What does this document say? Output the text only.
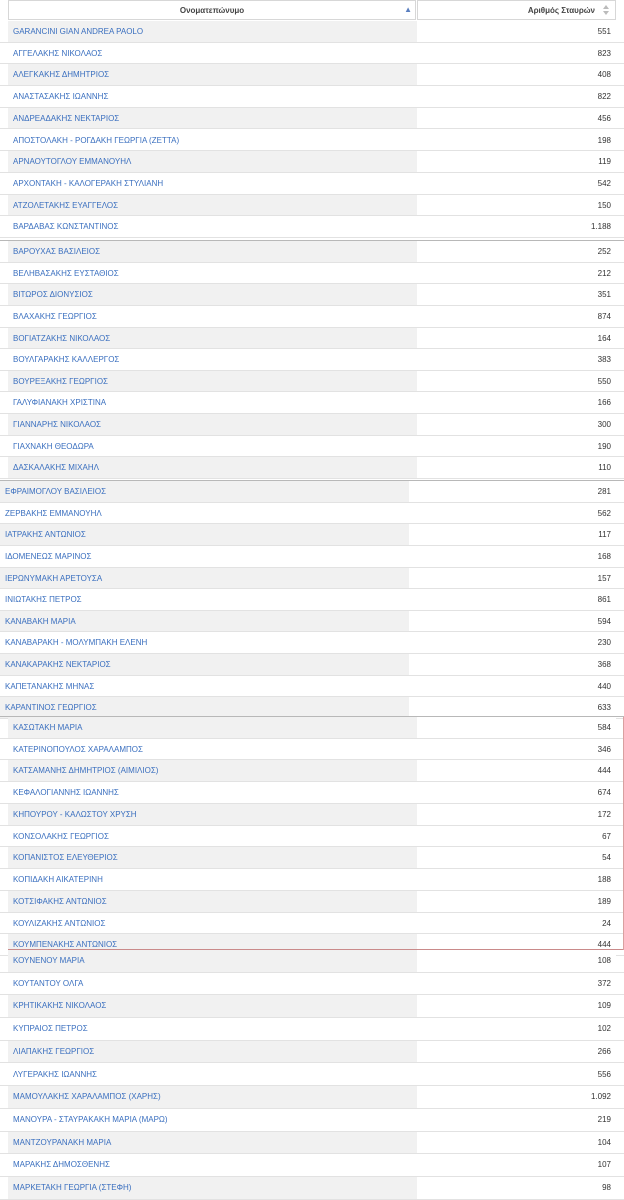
Ονοματεπώνυμο	▲	Αριθμός Σταυρών
GARANCINI GIAN ANDREA PAOLO	551
ΑΓΓΕΛΑΚΗΣ ΝΙΚΟΛΑΟΣ	823
ΑΛΕΓΚΑΚΗΣ ΔΗΜΗΤΡΙΟΣ	408
ΑΝΑΣΤΑΣΑΚΗΣ ΙΩΑΝΝΗΣ	822
ΑΝΔΡΕΑΔΑΚΗΣ ΝΕΚΤΑΡΙΟΣ	456
ΑΠΟΣΤΟΛΑΚΗ - ΡΟΓΔΑΚΗ ΓΕΩΡΓΙΑ (ΖΕΤΤΑ)	198
ΑΡΝΑΟΥΤΟΓΛΟΥ ΕΜΜΑΝΟΥΗΛ	119
ΑΡΧΟΝΤΑΚΗ - ΚΑΛΟΓΕΡΑΚΗ ΣΤΥΛΙΑΝΗ	542
ΑΤΖΟΛΕΤΑΚΗΣ ΕΥΑΓΓΕΛΟΣ	150
ΒΑΡΔΑΒΑΣ ΚΩΝΣΤΑΝΤΙΝΟΣ	1.188
ΒΑΡΟΥΧΑΣ ΒΑΣΙΛΕΙΟΣ	252
ΒΕΛΗΒΑΣΑΚΗΣ ΕΥΣΤΑΘΙΟΣ	212
ΒΙΤΩΡΟΣ ΔΙΟΝΥΣΙΟΣ	351
ΒΛΑΧΑΚΗΣ ΓΕΩΡΓΙΟΣ	874
ΒΟΓΙΑΤΖΑΚΗΣ ΝΙΚΟΛΑΟΣ	164
ΒΟΥΛΓΑΡΑΚΗΣ ΚΑΛΛΕΡΓΟΣ	383
ΒΟΥΡΕΞΑΚΗΣ ΓΕΩΡΓΙΟΣ	550
ΓΑΛΥΦΙΑΝΑΚΗ ΧΡΙΣΤΙΝΑ	166
ΓΙΑΝΝΑΡΗΣ ΝΙΚΟΛΑΟΣ	300
ΓΙΑΧΝΑΚΗ ΘΕΟΔΩΡΑ	190
ΔΑΣΚΑΛΑΚΗΣ ΜΙΧΑΗΛ	110
ΕΦΡΑΙΜΟΓΛΟΥ ΒΑΣΙΛΕΙΟΣ	281
ΖΕΡΒΑΚΗΣ ΕΜΜΑΝΟΥΗΛ	562
ΙΑΤΡΑΚΗΣ ΑΝΤΩΝΙΟΣ	117
ΙΔΟΜΕΝΕΩΣ ΜΑΡΙΝΟΣ	168
ΙΕΡΩΝΥΜΑΚΗ ΑΡΕΤΟΥΣΑ	157
ΙΝΙΩΤΑΚΗΣ ΠΕΤΡΟΣ	861
ΚΑΝΑΒΑΚΗ ΜΑΡΙΑ	594
ΚΑΝΑΒΑΡΑΚΗ - ΜΟΛΥΜΠΑΚΗ ΕΛΕΝΗ	230
ΚΑΝΑΚΑΡΑΚΗΣ ΝΕΚΤΑΡΙΟΣ	368
ΚΑΠΕΤΑΝΑΚΗΣ ΜΗΝΑΣ	440
ΚΑΡΑΝΤΙΝΟΣ ΓΕΩΡΓΙΟΣ	633
ΚΑΣΩΤΑΚΗ ΜΑΡΙΑ	584
ΚΑΤΕΡΙΝΟΠΟΥΛΟΣ ΧΑΡΑΛΑΜΠΟΣ	346
ΚΑΤΣΑΜΑΝΗΣ ΔΗΜΗΤΡΙΟΣ (ΑΙΜΙΛΙΟΣ)	444
ΚΕΦΑΛΟΓΙΑΝΝΗΣ ΙΩΑΝΝΗΣ	674
ΚΗΠΟΥΡΟΥ - ΚΑΛΩΣΤΟΥ ΧΡΥΣΗ	172
ΚΟΝΣΟΛΑΚΗΣ ΓΕΩΡΓΙΟΣ	67
ΚΟΠΑΝΙΣΤΟΣ ΕΛΕΥΘΕΡΙΟΣ	54
ΚΟΠΙΔΑΚΗ ΑΙΚΑΤΕΡΙΝΗ	188
ΚΟΤΣΙΦΑΚΗΣ ΑΝΤΩΝΙΟΣ	189
ΚΟΥΛΙΖΑΚΗΣ ΑΝΤΩΝΙΟΣ	24
ΚΟΥΜΠΕΝΑΚΗΣ ΑΝΤΩΝΙΟΣ	444
ΚΟΥΝΕΝΟΥ ΜΑΡΙΑ	108
ΚΟΥΤΑΝΤΟΥ ΟΛΓΑ	372
ΚΡΗΤΙΚΑΚΗΣ ΝΙΚΟΛΑΟΣ	109
ΚΥΠΡΑΙΟΣ ΠΕΤΡΟΣ	102
ΛΙΑΠΑΚΗΣ ΓΕΩΡΓΙΟΣ	266
ΛΥΓΕΡΑΚΗΣ ΙΩΑΝΝΗΣ	556
ΜΑΜΟΥΛΑΚΗΣ ΧΑΡΑΛΑΜΠΟΣ (ΧΑΡΗΣ)	1.092
ΜΑΝΟΥΡΑ - ΣΤΑΥΡΑΚΑΚΗ ΜΑΡΙΑ (ΜΑΡΩ)	219
ΜΑΝΤΖΟΥΡΑΝΑΚΗ ΜΑΡΙΑ	104
ΜΑΡΑΚΗΣ ΔΗΜΟΣΘΕΝΗΣ	107
ΜΑΡΚΕΤΑΚΗ ΓΕΩΡΓΙΑ (ΣΤΕΦΗ)	98
